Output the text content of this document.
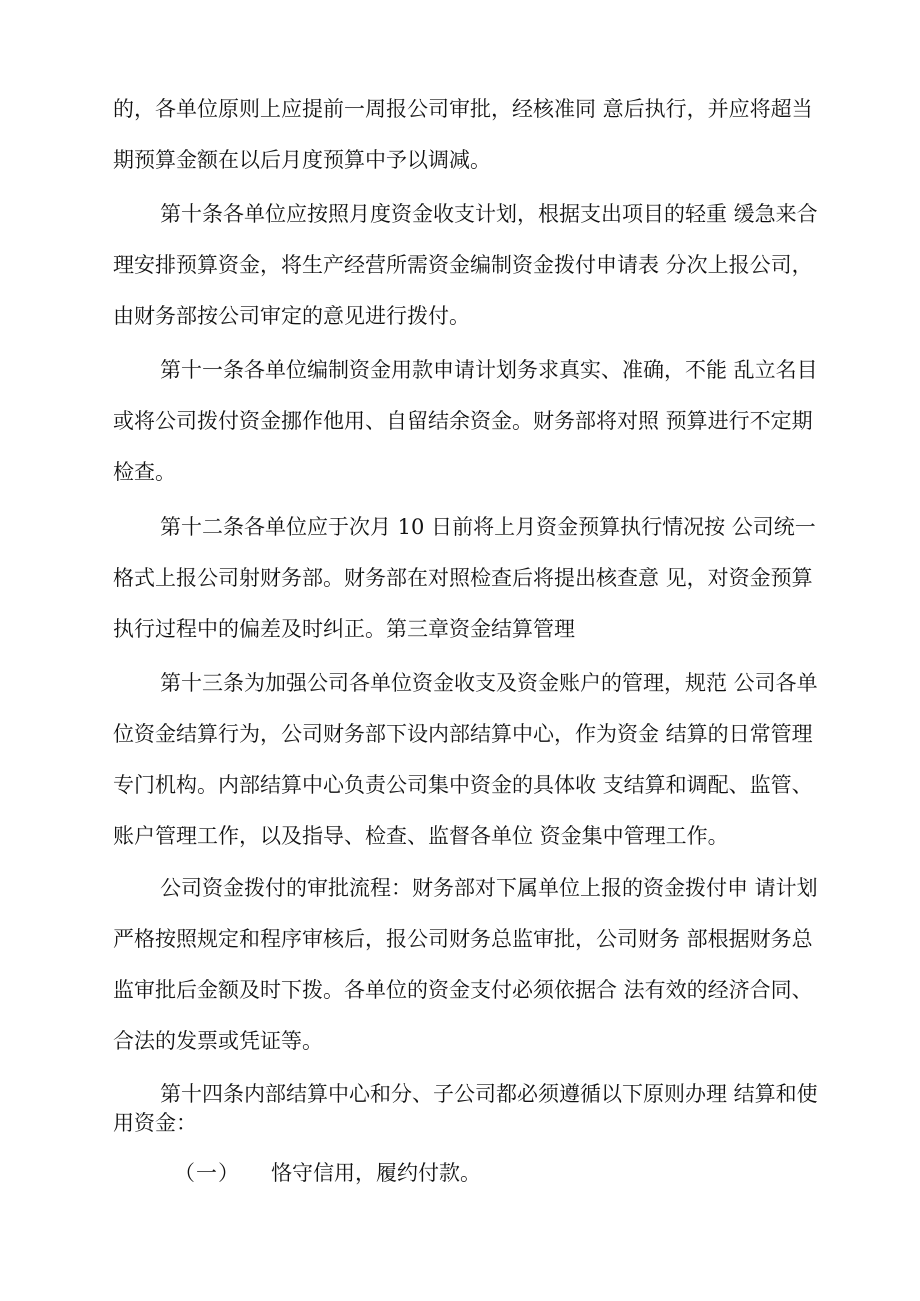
的，各单位原则上应提前一周报公司审批，经核准同 意后执行，并应将超当
期预算金额在以后月度预算中予以调减。
第十条各单位应按照月度资金收支计划，根据支出项目的轻重 缓急来合
理安排预算资金，将生产经营所需资金编制资金拨付申请表 分次上报公司，
由财务部按公司审定的意见进行拨付。
第十一条各单位编制资金用款申请计划务求真实、准确，不能 乱立名目
或将公司拨付资金挪作他用、自留结余资金。财务部将对照 预算进行不定期
检查。
第十二条各单位应于次月 10 日前将上月资金预算执行情况按 公司统一
格式上报公司射财务部。财务部在对照检查后将提出核查意 见，对资金预算
执行过程中的偏差及时纠正。第三章资金结算管理
第十三条为加强公司各单位资金收支及资金账户的管理，规范 公司各单
位资金结算行为，公司财务部下设内部结算中心，作为资金 结算的日常管理
专门机构。内部结算中心负责公司集中资金的具体收 支结算和调配、监管、
账户管理工作，以及指导、检查、监督各单位 资金集中管理工作。
公司资金拨付的审批流程：财务部对下属单位上报的资金拨付申 请计划
严格按照规定和程序审核后，报公司财务总监审批，公司财务 部根据财务总
监审批后金额及时下拨。各单位的资金支付必须依据合 法有效的经济合同、
合法的发票或凭证等。
第十四条内部结算中心和分、子公司都必须遵循以下原则办理 结算和使
用资金：
（一） 恪守信用，履约付款。
